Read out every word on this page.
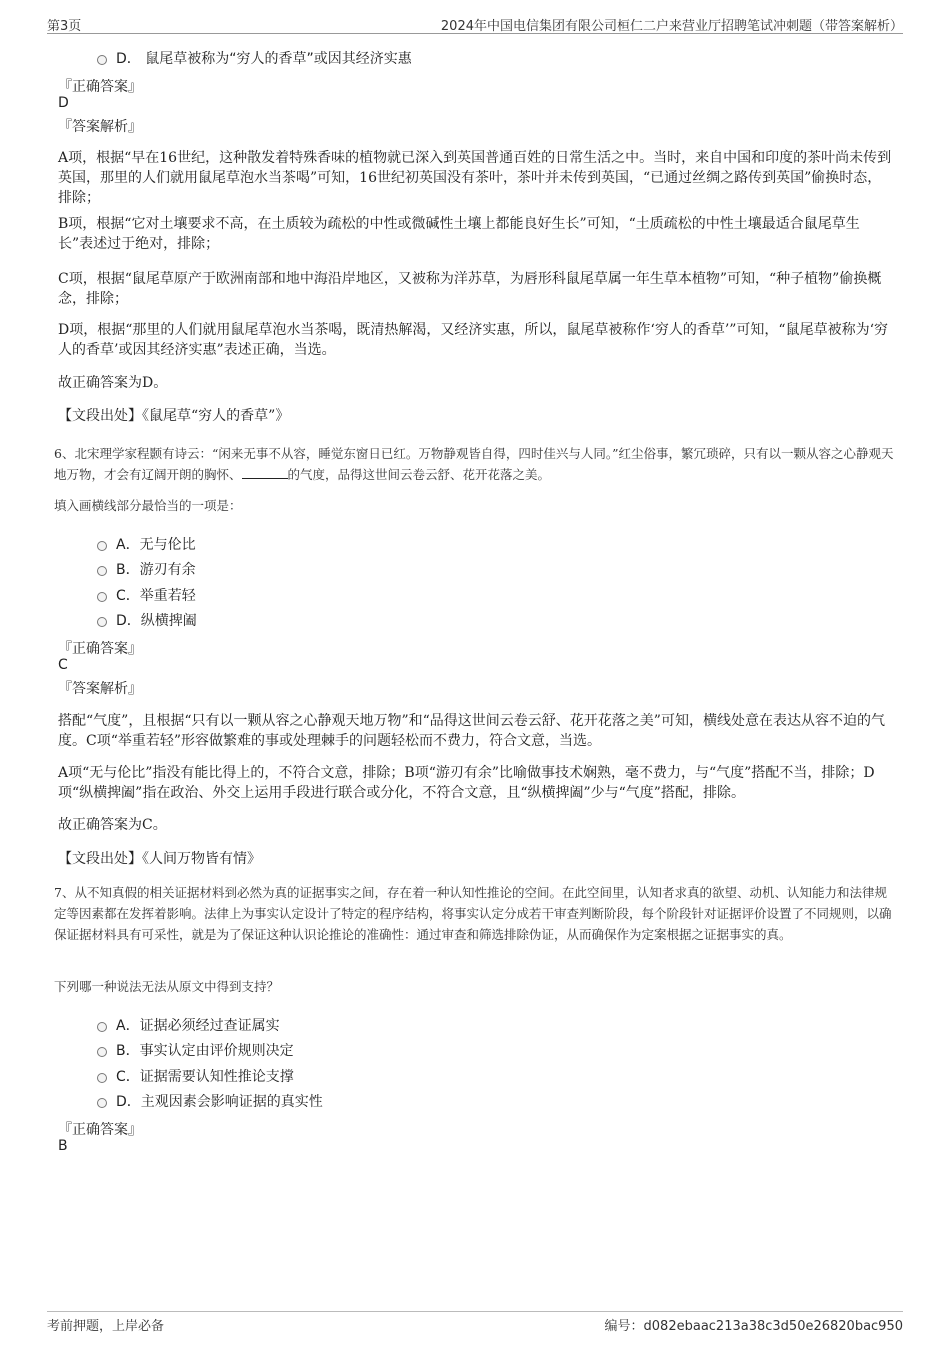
第3页	2024年中国电信集团有限公司桓仁二户来营业厅招聘笔试冲刺题（带答案解析）
D． 鼠尾草被称为“穷人的香草”或因其经济实惠
『正确答案』
D
『答案解析』
A项，根据“早在16世纪，这种散发着特殊香味的植物就已深入到英国普通百姓的日常生活之中。当时，来自中国和印度的茶叶尚未传到英国，那里的人们就用鼠尾草泡水当茶喝”可知，16世纪初英国没有茶叶，茶叶并未传到英国，“已通过丝绸之路传到英国”偷换时态，排除；
B项，根据“它对土壤要求不高，在土质较为疏松的中性或微碱性土壤上都能良好生长”可知，“土质疏松的中性土壤最适合鼠尾草生长”表述过于绝对，排除；
C项，根据“鼠尾草原产于欧洲南部和地中海沿岸地区，又被称为洋苏草，为唇形科鼠尾草属一年生草本植物”可知，“种子植物”偷换概念，排除；
D项，根据“那里的人们就用鼠尾草泡水当茶喝，既清热解渴，又经济实惠，所以，鼠尾草被称作‘穷人的香草’”可知，“鼠尾草被称为‘穷人的香草’或因其经济实惠”表述正确，当选。
故正确答案为D。
【文段出处】《鼠尾草“穷人的香草”》
6、北宋理学家程颢有诗云：“闲来无事不从容，睡觉东窗日已红。万物静观皆自得，四时佳兴与人同。”红尘俗事，繁冗琐碎，只有以一颗从容之心静观天地万物，才会有辽阔开朗的胸怀、	的气度，品得这世间云卷云舒、花开花落之美。
填入画横线部分最恰当的一项是：
A．无与伦比
B．游刃有余
C．举重若轻
D．纵横捭阖
『正确答案』
C
『答案解析』
搭配“气度”，且根据“只有以一颗从容之心静观天地万物”和“品得这世间云卷云舒、花开花落之美”可知，横线处意在表达从容不迫的气度。C项“举重若轻”形容做繁难的事或处理棘手的问题轻松而不费力，符合文意，当选。
A项“无与伦比”指没有能比得上的，不符合文意，排除；B项“游刃有余”比喻做事技术娴熟，毫不费力，与“气度”搭配不当，排除；D项“纵横捭阖”指在政治、外交上运用手段进行联合或分化，不符合文意，且“纵横捭阖”少与“气度”搭配，排除。
故正确答案为C。
【文段出处】《人间万物皆有情》
7、从不知真假的相关证据材料到必然为真的证据事实之间，存在着一种认知性推论的空间。在此空间里，认知者求真的欲望、动机、认知能力和法律规定等因素都在发挥着影响。法律上为事实认定设计了特定的程序结构，将事实认定分成若干审查判断阶段，每个阶段针对证据评价设置了不同规则，以确保证据材料具有可采性，就是为了保证这种认识论推论的准确性：通过审查和筛选排除伪证，从而确保作为定案根据之证据事实的真。
下列哪一种说法无法从原文中得到支持？
A．证据必须经过查证属实
B．事实认定由评价规则决定
C．证据需要认知性推论支撑
D．主观因素会影响证据的真实性
『正确答案』
B
考前押题，上岸必备	编号：d082ebaac213a38c3d50e26820bac950
